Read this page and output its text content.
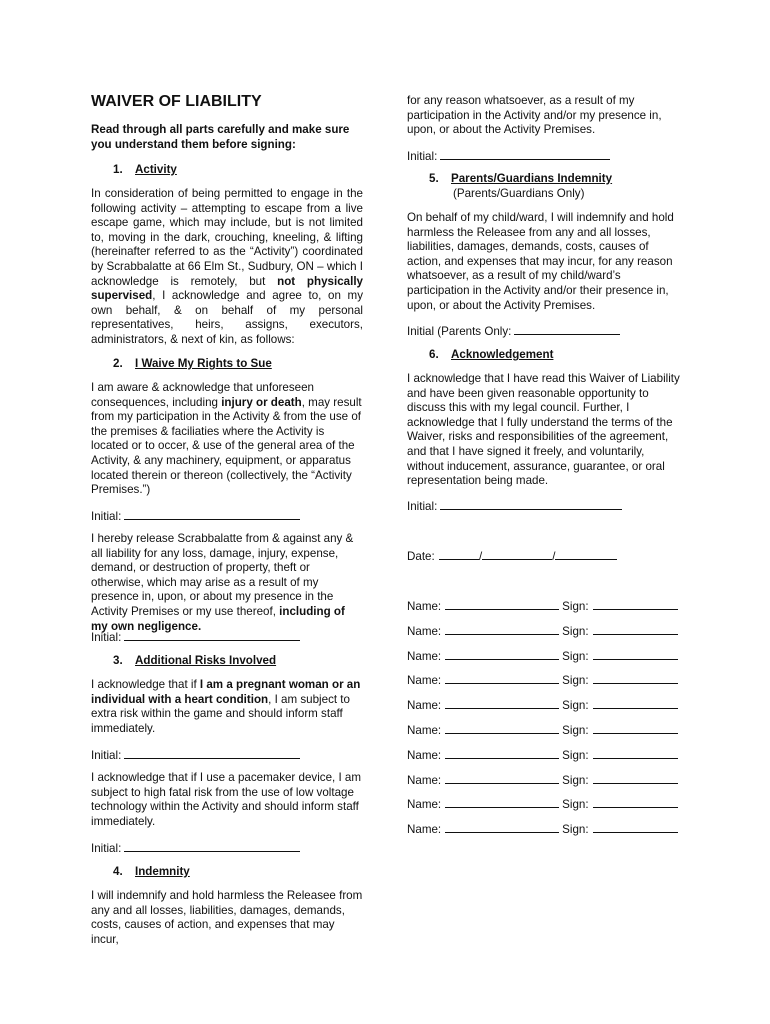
WAIVER OF LIABILITY
Read through all parts carefully and make sure you understand them before signing:
1. Activity
In consideration of being permitted to engage in the following activity – attempting to escape from a live escape game, which may include, but is not limited to, moving in the dark, crouching, kneeling, & lifting (hereinafter referred to as the “Activity”) coordinated by Scrabbalatte at 66 Elm St., Sudbury, ON – which I acknowledge is remotely, but not physically supervised, I acknowledge and agree to, on my own behalf, & on behalf of my personal representatives, heirs, assigns, executors, administrators, & next of kin, as follows:
2. I Waive My Rights to Sue
I am aware & acknowledge that unforeseen consequences, including injury or death, may result from my participation in the Activity & from the use of the premises & faciliaties where the Activity is located or to occer, & use of the general area of the Activity, & any machinery, equipment, or apparatus located therein or thereon (collectively, the “Activity Premises.”)
Initial:
I hereby release Scrabbalatte from & against any & all liability for any loss, damage, injury, expense, demand, or destruction of property, theft or otherwise, which may arise as a result of my presence in, upon, or about my presence in the Activity Premises or my use thereof, including of my own negligence.
Initial:
3. Additional Risks Involved
I acknowledge that if I am a pregnant woman or an individual with a heart condition, I am subject to extra risk within the game and should inform staff immediately.
Initial:
I acknowledge that if I use a pacemaker device, I am subject to high fatal risk from the use of low voltage technology within the Activity and should inform staff immediately.
Initial:
4. Indemnity
I will indemnify and hold harmless the Releasee from any and all losses, liabilities, damages, demands, costs, causes of action, and expenses that may incur,
for any reason whatsoever, as a result of my participation in the Activity and/or my presence in, upon, or about the Activity Premises.
Initial:
5. Parents/Guardians Indemnity
(Parents/Guardians Only)
On behalf of my child/ward, I will indemnify and hold harmless the Releasee from any and all losses, liabilities, damages, demands, costs, causes of action, and expenses that may incur, for any reason whatsoever, as a result of my child/ward’s participation in the Activity and/or their presence in, upon, or about the Activity Premises.
Initial (Parents Only:
6. Acknowledgement
I acknowledge that I have read this Waiver of Liability and have been given reasonable opportunity to discuss this with my legal council. Further, I acknowledge that I fully understand the terms of the Waiver, risks and responsibilities of the agreement, and that I have signed it freely, and voluntarily, without inducement, assurance, guarantee, or oral representation being made.
Initial:
Date:	/	/
Name:	Sign:
Name:	Sign:
Name:	Sign:
Name:	Sign:
Name:	Sign:
Name:	Sign:
Name:	Sign:
Name:	Sign:
Name:	Sign:
Name:	Sign:
